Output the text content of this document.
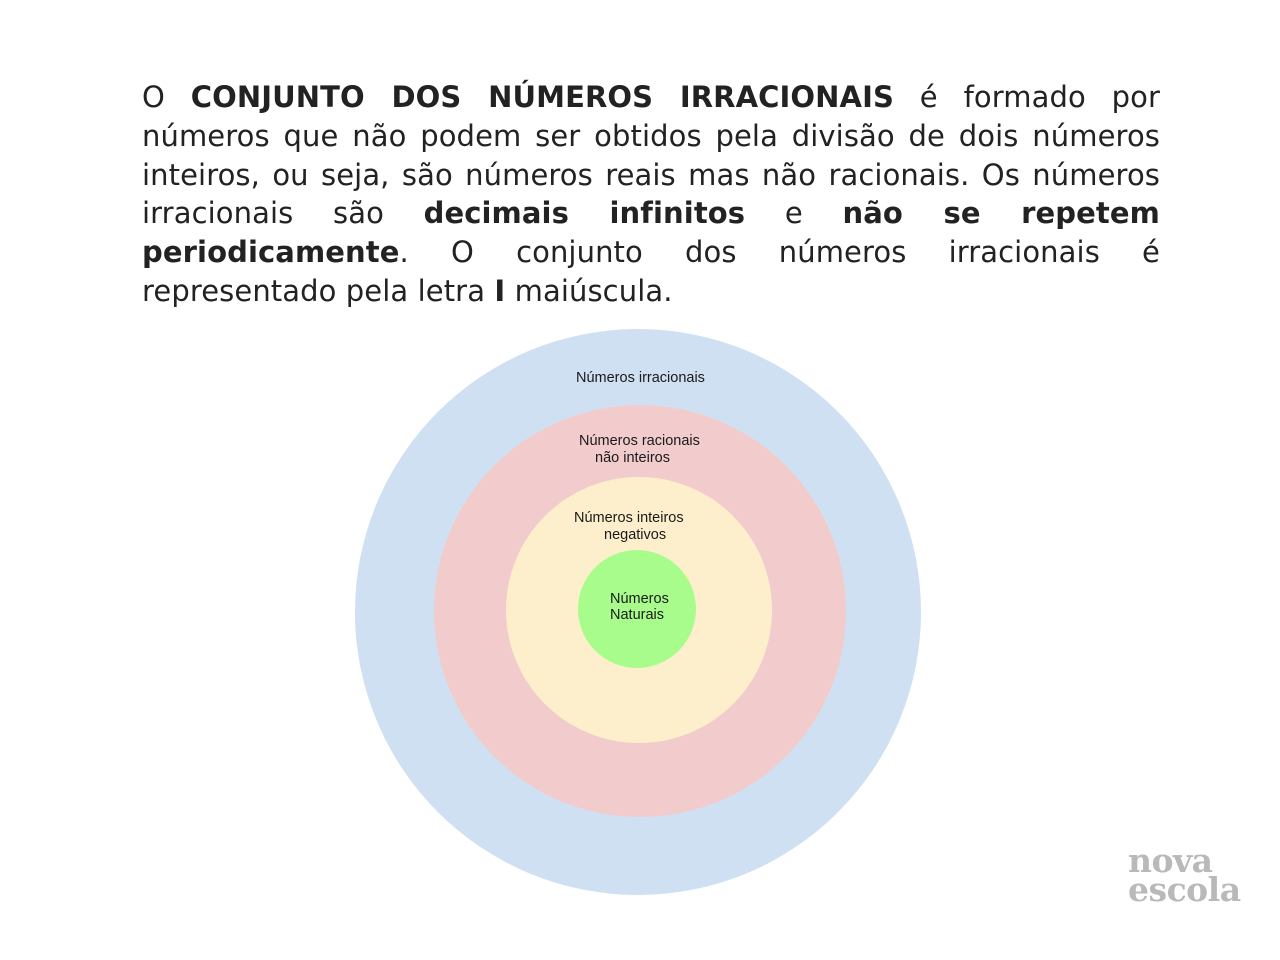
O CONJUNTO DOS NÚMEROS IRRACIONAIS é formado por números que não podem ser obtidos pela divisão de dois números inteiros, ou seja, são números reais mas não racionais. Os números irracionais são decimais infinitos e não se repetem periodicamente. O conjunto dos números irracionais é representado pela letra I maiúscula.

Números irracionais
Números racionais
não inteiros
Números inteiros
negativos
Números
Naturais
nova
escola
